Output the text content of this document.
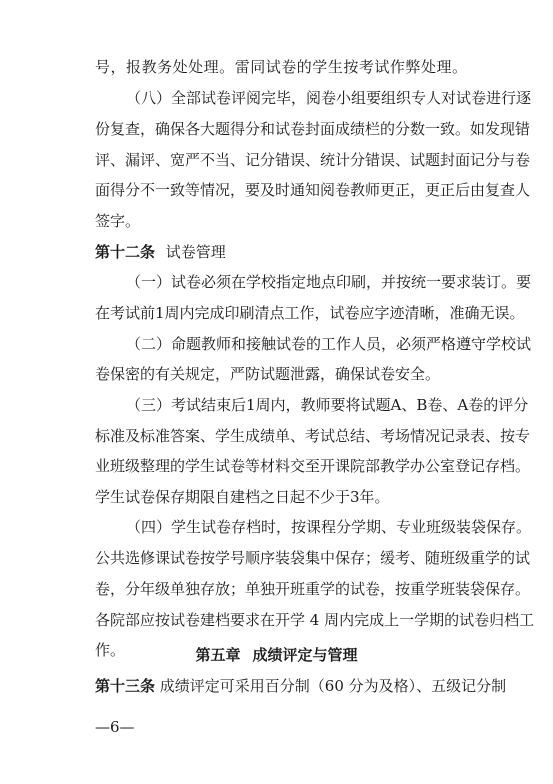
号，报教务处处理。雷同试卷的学生按考试作弊处理。
（八）全部试卷评阅完毕，阅卷小组要组织专人对试卷进行逐
份复查，确保各大题得分和试卷封面成绩栏的分数一致。如发现错
评、漏评、宽严不当、记分错误、统计分错误、试题封面记分与卷
面得分不一致等情况，要及时通知阅卷教师更正，更正后由复查人
签字。
第十二条 试卷管理
（一）试卷必须在学校指定地点印刷，并按统一要求装订。要
在考试前1周内完成印刷清点工作，试卷应字迹清晰，准确无误。
（二）命题教师和接触试卷的工作人员，必须严格遵守学校试
卷保密的有关规定，严防试题泄露，确保试卷安全。
（三）考试结束后1周内，教师要将试题A、B卷、A卷的评分
标准及标准答案、学生成绩单、考试总结、考场情况记录表、按专
业班级整理的学生试卷等材料交至开课院部教学办公室登记存档。
学生试卷保存期限自建档之日起不少于3年。
（四）学生试卷存档时，按课程分学期、专业班级装袋保存。
公共选修课试卷按学号顺序装袋集中保存；缓考、随班级重学的试
卷，分年级单独存放；单独开班重学的试卷，按重学班装袋保存。
各院部应按试卷建档要求在开学 4 周内完成上一学期的试卷归档工
作。	第五章 成绩评定与管理
第十三条 成绩评定可采用百分制（60 分为及格）、五级记分制
—6—
